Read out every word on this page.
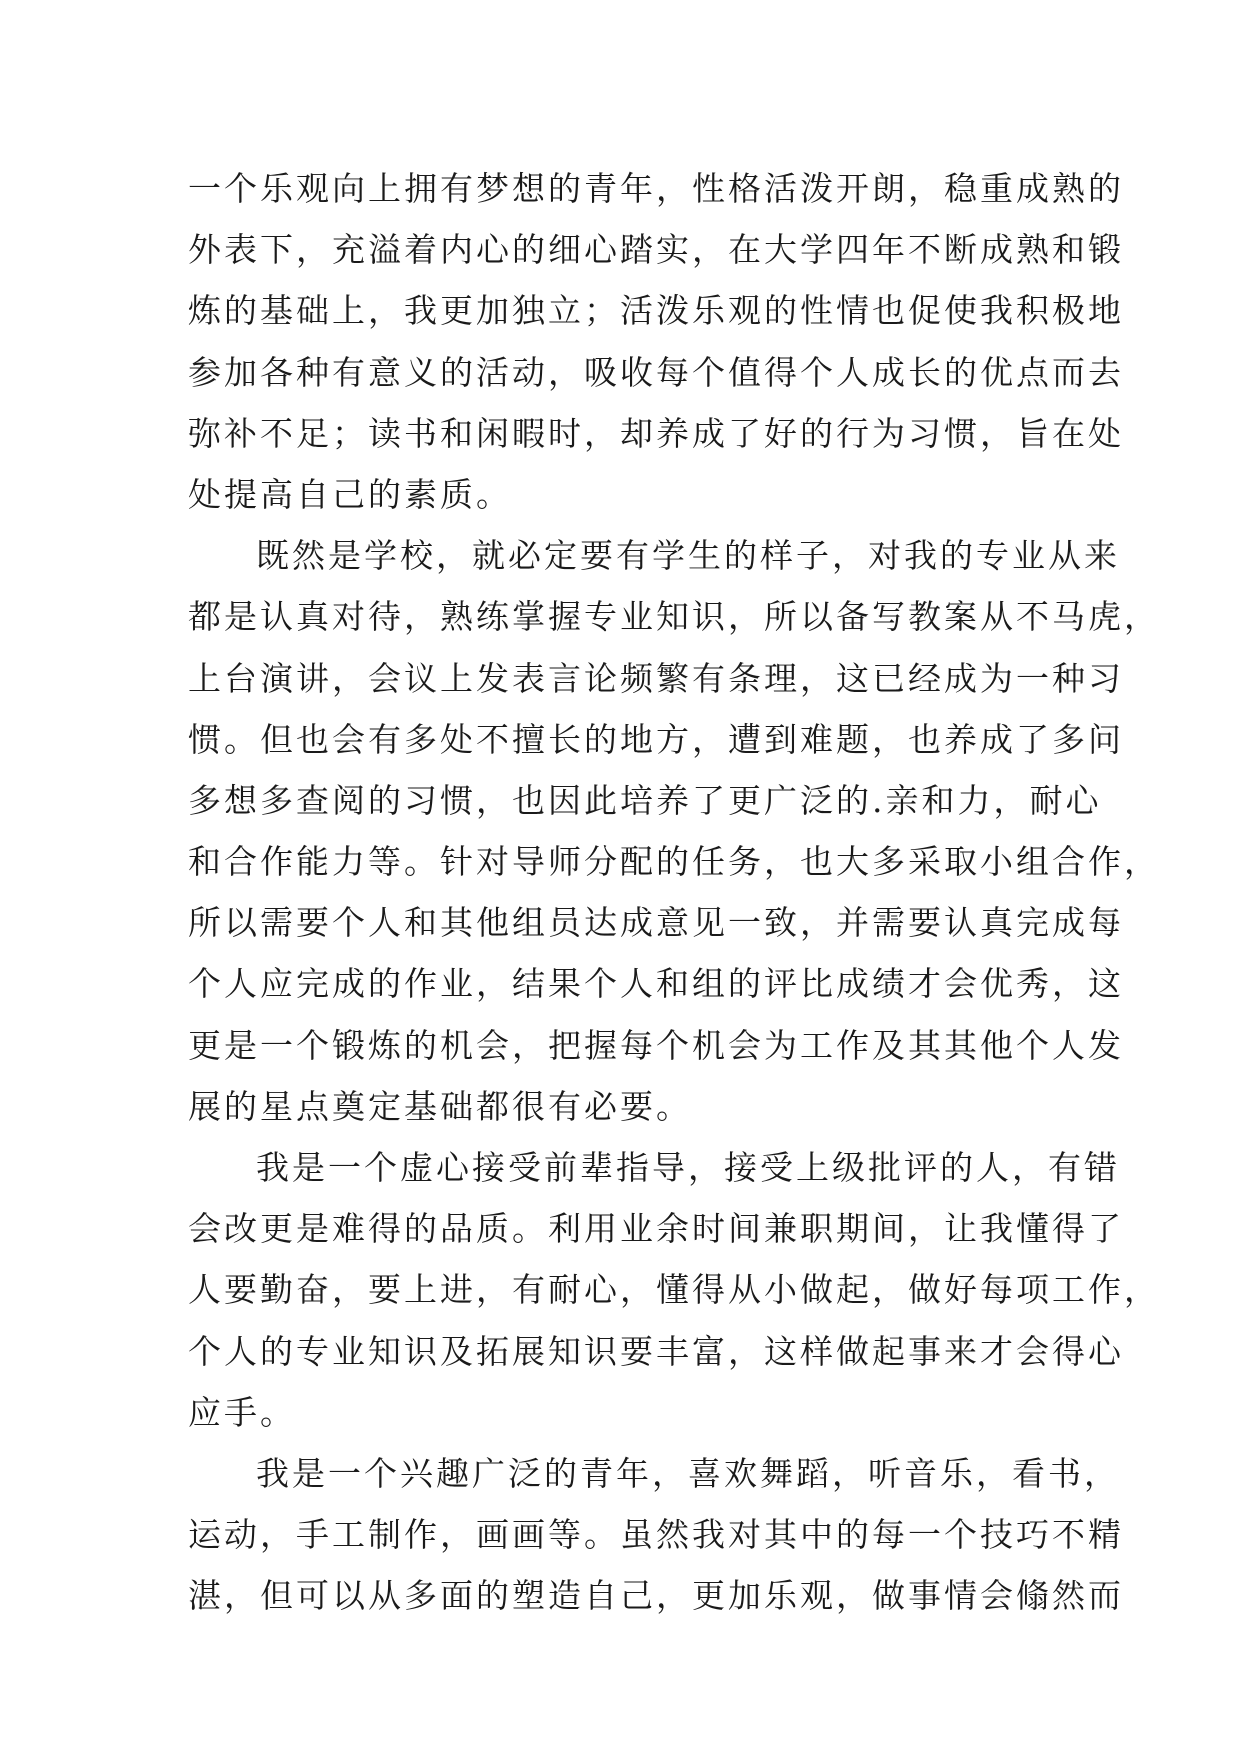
一个乐观向上拥有梦想的青年，性格活泼开朗，稳重成熟的
外表下，充溢着内心的细心踏实，在大学四年不断成熟和锻
炼的基础上，我更加独立；活泼乐观的性情也促使我积极地
参加各种有意义的活动，吸收每个值得个人成长的优点而去
弥补不足；读书和闲暇时，却养成了好的行为习惯，旨在处
处提高自己的素质。
既然是学校，就必定要有学生的样子，对我的专业从来
都是认真对待，熟练掌握专业知识，所以备写教案从不马虎，
上台演讲，会议上发表言论频繁有条理，这已经成为一种习
惯。但也会有多处不擅长的地方，遭到难题，也养成了多问
多想多查阅的习惯，也因此培养了更广泛的.亲和力，耐心
和合作能力等。针对导师分配的任务，也大多采取小组合作，
所以需要个人和其他组员达成意见一致，并需要认真完成每
个人应完成的作业，结果个人和组的评比成绩才会优秀，这
更是一个锻炼的机会，把握每个机会为工作及其其他个人发
展的星点奠定基础都很有必要。
我是一个虚心接受前辈指导，接受上级批评的人，有错
会改更是难得的品质。利用业余时间兼职期间，让我懂得了
人要勤奋，要上进，有耐心，懂得从小做起，做好每项工作，
个人的专业知识及拓展知识要丰富，这样做起事来才会得心
应手。
我是一个兴趣广泛的青年，喜欢舞蹈，听音乐，看书，
运动，手工制作，画画等。虽然我对其中的每一个技巧不精
湛，但可以从多面的塑造自己，更加乐观，做事情会翛然而
